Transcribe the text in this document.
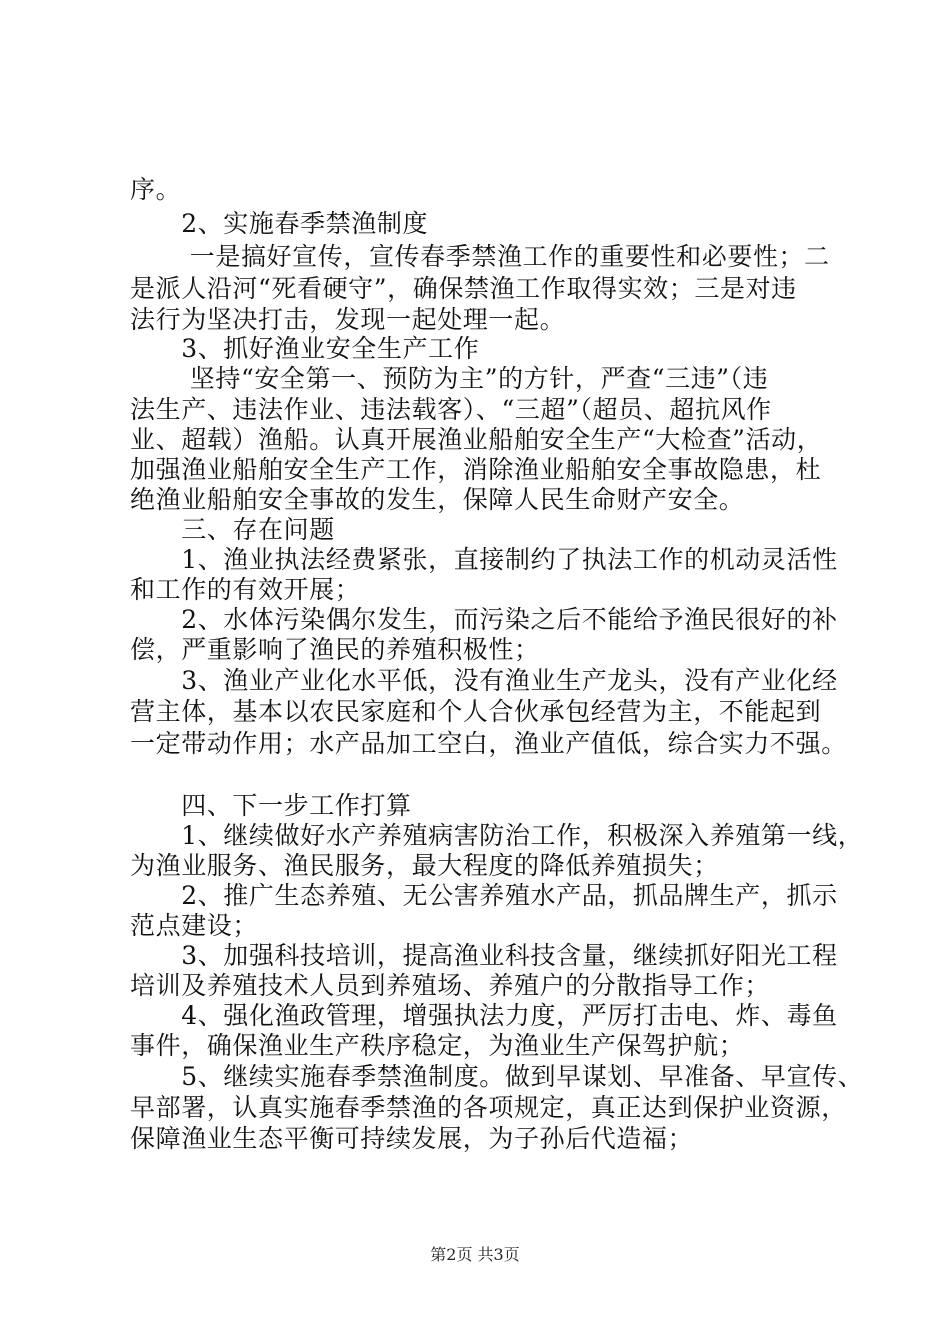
序。
　　2、实施春季禁渔制度
　　 一是搞好宣传，宣传春季禁渔工作的重要性和必要性；二
是派人沿河“死看硬守”，确保禁渔工作取得实效；三是对违
法行为坚决打击，发现一起处理一起。
　　3、抓好渔业安全生产工作
　　 坚持“安全第一、预防为主”的方针，严查“三违”（违
法生产、违法作业、违法载客）、“三超”（超员、超抗风作
业、超载）渔船。认真开展渔业船舶安全生产“大检查”活动，
加强渔业船舶安全生产工作，消除渔业船舶安全事故隐患，杜
绝渔业船舶安全事故的发生，保障人民生命财产安全。
　　三、存在问题
　　1、渔业执法经费紧张，直接制约了执法工作的机动灵活性
和工作的有效开展；
　　2、水体污染偶尔发生，而污染之后不能给予渔民很好的补
偿，严重影响了渔民的养殖积极性；
　　3、渔业产业化水平低，没有渔业生产龙头，没有产业化经
营主体，基本以农民家庭和个人合伙承包经营为主，不能起到
一定带动作用；水产品加工空白，渔业产值低，综合实力不强。
　　四、下一步工作打算
　　1、继续做好水产养殖病害防治工作，积极深入养殖第一线，
为渔业服务、渔民服务，最大程度的降低养殖损失；
　　2、推广生态养殖、无公害养殖水产品，抓品牌生产，抓示
范点建设；
　　3、加强科技培训，提高渔业科技含量，继续抓好阳光工程
培训及养殖技术人员到养殖场、养殖户的分散指导工作；
　　4、强化渔政管理，增强执法力度，严厉打击电、炸、毒鱼
事件，确保渔业生产秩序稳定，为渔业生产保驾护航；
　　5、继续实施春季禁渔制度。做到早谋划、早准备、早宣传、
早部署，认真实施春季禁渔的各项规定，真正达到保护业资源，
保障渔业生态平衡可持续发展，为子孙后代造福；
第2页 共3页
